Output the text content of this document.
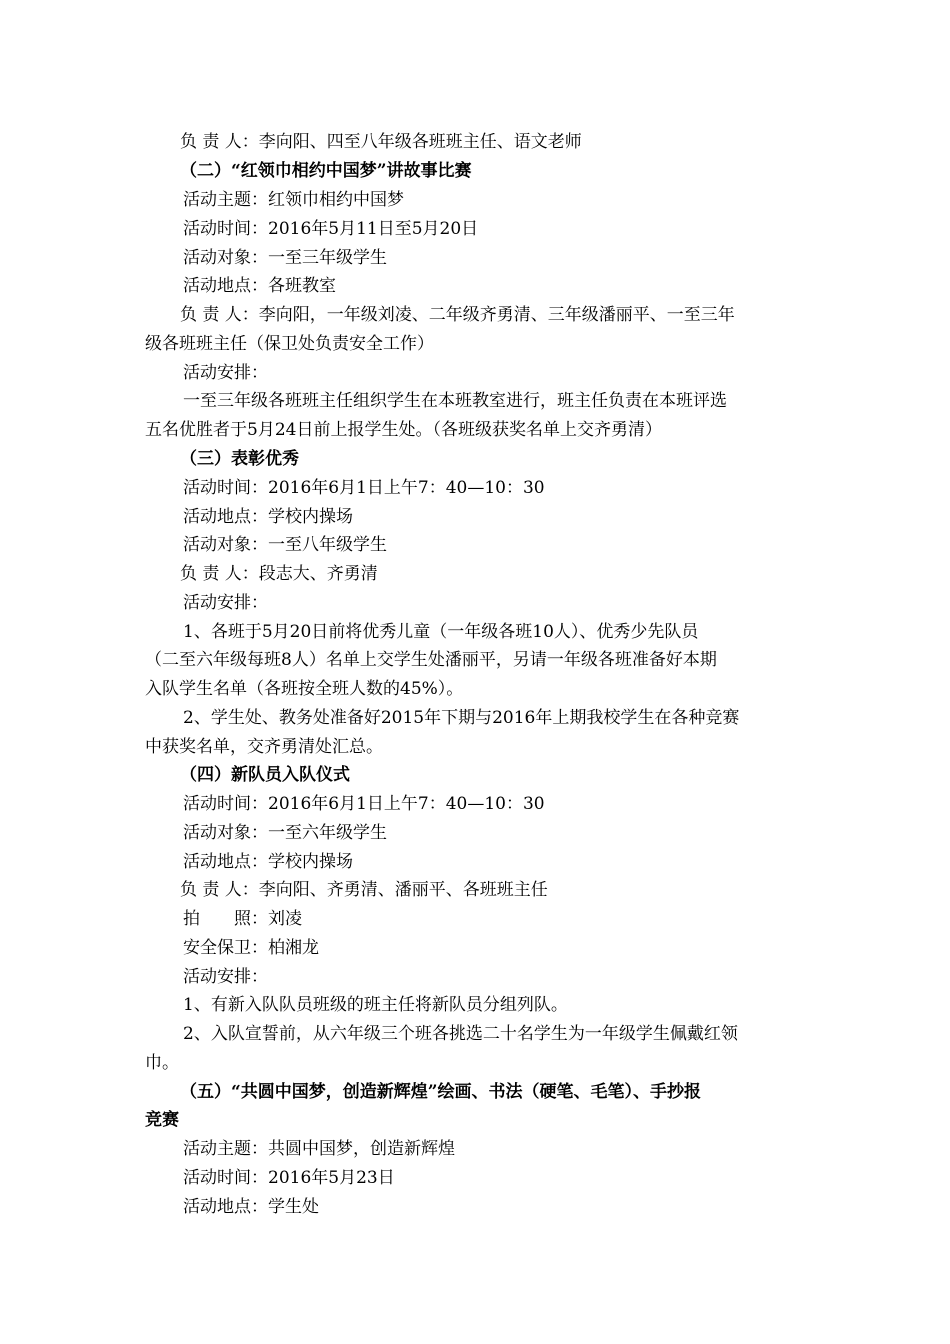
负 责 人：李向阳、四至八年级各班班主任、语文老师
（二）“红领巾相约中国梦”讲故事比赛
活动主题：红领巾相约中国梦
活动时间：2016年5月11日至5月20日
活动对象：一至三年级学生
活动地点：各班教室
负 责 人：李向阳，一年级刘凌、二年级齐勇清、三年级潘丽平、一至三年
级各班班主任（保卫处负责安全工作）
活动安排：
一至三年级各班班主任组织学生在本班教室进行，班主任负责在本班评选
五名优胜者于5月24日前上报学生处。（各班级获奖名单上交齐勇清）
（三）表彰优秀
活动时间：2016年6月1日上午7：40—10：30
活动地点：学校内操场
活动对象：一至八年级学生
负 责 人：段志大、齐勇清
活动安排：
1、各班于5月20日前将优秀儿童（一年级各班10人）、优秀少先队员
（二至六年级每班8人）名单上交学生处潘丽平，另请一年级各班准备好本期
入队学生名单（各班按全班人数的45%）。
2、学生处、教务处准备好2015年下期与2016年上期我校学生在各种竞赛
中获奖名单，交齐勇清处汇总。
（四）新队员入队仪式
活动时间：2016年6月1日上午7：40—10：30
活动对象：一至六年级学生
活动地点：学校内操场
负 责 人：李向阳、齐勇清、潘丽平、各班班主任
拍　　照：刘凌
安全保卫：柏湘龙
活动安排：
1、有新入队队员班级的班主任将新队员分组列队。
2、入队宣誓前，从六年级三个班各挑选二十名学生为一年级学生佩戴红领
巾。
（五）“共圆中国梦，创造新辉煌”绘画、书法（硬笔、毛笔）、手抄报
竞赛
活动主题：共圆中国梦，创造新辉煌
活动时间：2016年5月23日
活动地点：学生处
